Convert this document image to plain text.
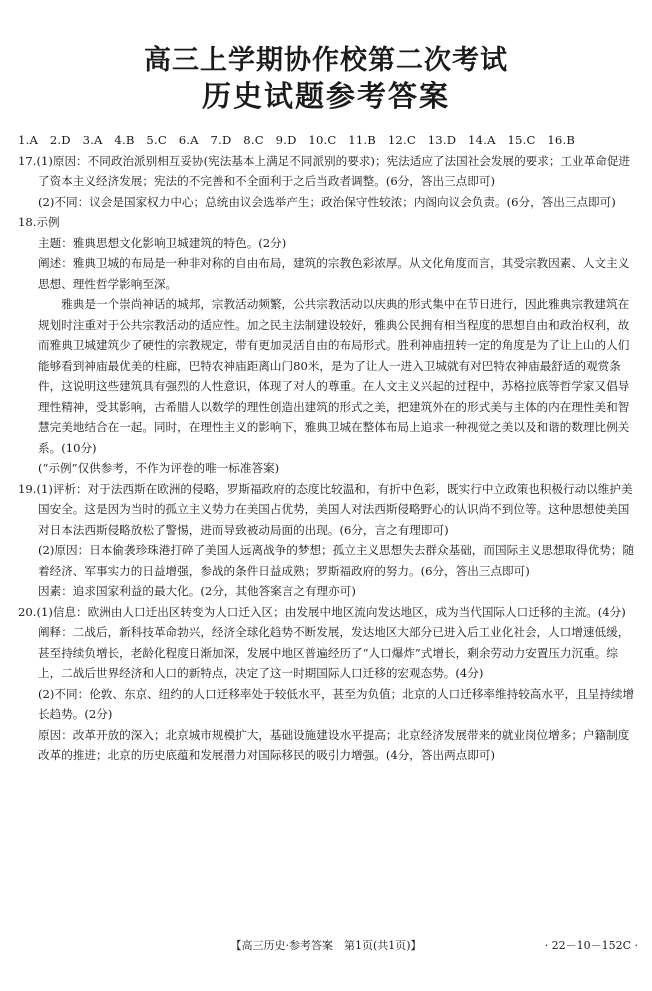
高三上学期协作校第二次考试
历史试题参考答案

1.A　2.D　3.A　4.B　5.C　6.A　7.D　8.C　9.D　10.C　11.B　12.C　13.D　14.A　15.C　16.B

17.(1)原因：不同政治派别相互妥协(宪法基本上满足不同派别的要求)；宪法适应了法国社会发展的要求；工业革命促进了资本主义经济发展；宪法的不完善和不全面利于之后当政者调整。(6分，答出三点即可)

(2)不同：议会是国家权力中心；总统由议会选举产生；政治保守性较浓；内阁向议会负责。(6分，答出三点即可)

18.示例

主题：雅典思想文化影响卫城建筑的特色。(2分)

阐述：雅典卫城的布局是一种非对称的自由布局，建筑的宗教色彩浓厚。从文化角度而言，其受宗教因素、人文主义思想、理性哲学影响至深。

雅典是一个崇尚神话的城邦，宗教活动频繁，公共宗教活动以庆典的形式集中在节日进行，因此雅典宗教建筑在规划时注重对于公共宗教活动的适应性。加之民主法制建设较好，雅典公民拥有相当程度的思想自由和政治权利，故而雅典卫城建筑少了硬性的宗教规定，带有更加灵活自由的布局形式。胜利神庙扭转一定的角度是为了让上山的人们能够看到神庙最优美的柱廊，巴特农神庙距离山门80米，是为了让人一进入卫城就有对巴特农神庙最舒适的观赏条件，这说明这些建筑具有强烈的人性意识，体现了对人的尊重。在人文主义兴起的过程中，苏格拉底等哲学家又倡导理性精神，受其影响，古希腊人以数学的理性创造出建筑的形式之美，把建筑外在的形式美与主体的内在理性美和智慧完美地结合在一起。同时，在理性主义的影响下，雅典卫城在整体布局上追求一种视觉之美以及和谐的数理比例关系。(10分)

(“示例”仅供参考，不作为评卷的唯一标准答案)

19.(1)评析：对于法西斯在欧洲的侵略，罗斯福政府的态度比较温和，有折中色彩，既实行中立政策也积极行动以维护美国安全。这是因为当时的孤立主义势力在美国占优势，美国人对法西斯侵略野心的认识尚不到位等。这种思想使美国对日本法西斯侵略放松了警惕，进而导致被动局面的出现。(6分，言之有理即可)

(2)原因：日本偷袭珍珠港打碎了美国人远离战争的梦想；孤立主义思想失去群众基础，而国际主义思想取得优势；随着经济、军事实力的日益增强，参战的条件日益成熟；罗斯福政府的努力。(6分，答出三点即可)

因素：追求国家利益的最大化。(2分，其他答案言之有理亦可)

20.(1)信息：欧洲由人口迁出区转变为人口迁入区；由发展中地区流向发达地区，成为当代国际人口迁移的主流。(4分)

阐释：二战后，新科技革命勃兴，经济全球化趋势不断发展，发达地区大部分已进入后工业化社会，人口增速低缓，甚至持续负增长，老龄化程度日渐加深，发展中地区普遍经历了“人口爆炸”式增长，剩余劳动力安置压力沉重。综上，二战后世界经济和人口的新特点，决定了这一时期国际人口迁移的宏观态势。(4分)

(2)不同：伦敦、东京、纽约的人口迁移率处于较低水平，甚至为负值；北京的人口迁移率维持较高水平，且呈持续增长趋势。(2分)

原因：改革开放的深入；北京城市规模扩大，基础设施建设水平提高；北京经济发展带来的就业岗位增多；户籍制度改革的推进；北京的历史底蕴和发展潜力对国际移民的吸引力增强。(4分，答出两点即可)

【高三历史·参考答案　第1页(共1页)】	· 22－10－152C ·
